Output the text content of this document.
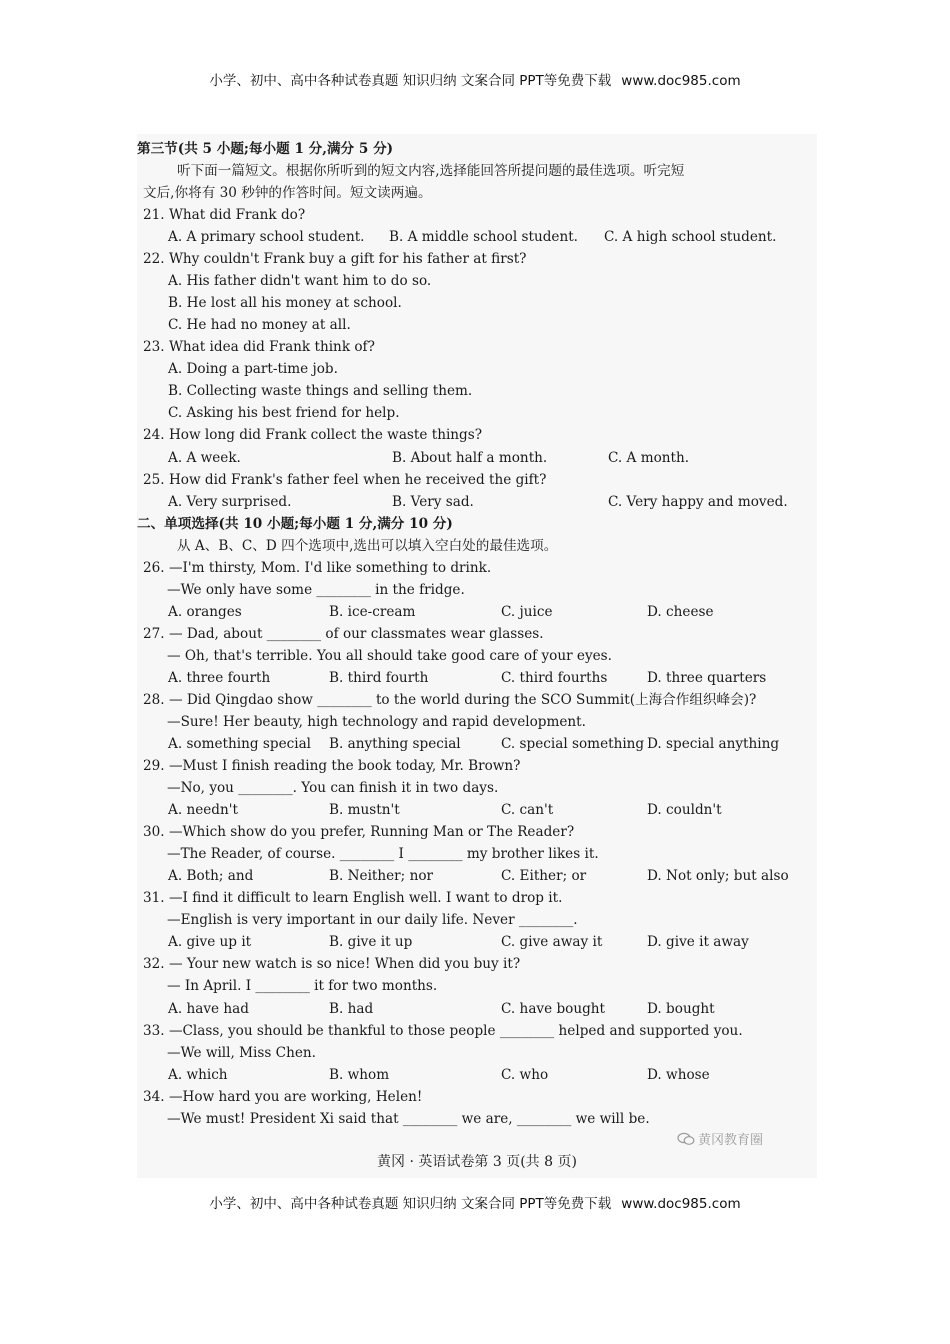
小学、初中、高中各种试卷真题 知识归纳 文案合同 PPT等免费下载 www.doc985.com
第三节(共 5 小题;每小题 1 分,满分 5 分)
听下面一篇短文。根据你所听到的短文内容,选择能回答所提问题的最佳选项。听完短
文后,你将有 30 秒钟的作答时间。短文读两遍。
21. What did Frank do?
A. A primary school student. B. A middle school student. C. A high school student.
22. Why couldn't Frank buy a gift for his father at first?
A. His father didn't want him to do so.
B. He lost all his money at school.
C. He had no money at all.
23. What idea did Frank think of?
A. Doing a part-time job.
B. Collecting waste things and selling them.
C. Asking his best friend for help.
24. How long did Frank collect the waste things?
A. A week.	B. About half a month.	C. A month.
25. How did Frank's father feel when he received the gift?
A. Very surprised.	B. Very sad.	C. Very happy and moved.
二、单项选择(共 10 小题;每小题 1 分,满分 10 分)
从 A、B、C、D 四个选项中,选出可以填入空白处的最佳选项。
26. —I'm thirsty, Mom. I'd like something to drink.
—We only have some ________ in the fridge.
A. oranges	B. ice-cream	C. juice	D. cheese
27. — Dad, about ________ of our classmates wear glasses.
— Oh, that's terrible. You all should take good care of your eyes.
A. three fourth	B. third fourth	C. third fourths	D. three quarters
28. — Did Qingdao show ________ to the world during the SCO Summit(上海合作组织峰会)?
—Sure! Her beauty, high technology and rapid development.
A. something special B. anything special	C. special something D. special anything
29. —Must I finish reading the book today, Mr. Brown?
—No, you ________. You can finish it in two days.
A. needn't	B. mustn't	C. can't	D. couldn't
30. —Which show do you prefer, Running Man or The Reader?
—The Reader, of course. ________ I ________ my brother likes it.
A. Both; and	B. Neither; nor	C. Either; or	D. Not only; but also
31. —I find it difficult to learn English well. I want to drop it.
—English is very important in our daily life. Never ________.
A. give up it	B. give it up	C. give away it	D. give it away
32. — Your new watch is so nice! When did you buy it?
— In April. I ________ it for two months.
A. have had	B. had	C. have bought	D. bought
33. —Class, you should be thankful to those people ________ helped and supported you.
—We will, Miss Chen.
A. which	B. whom	C. who	D. whose
34. —How hard you are working, Helen!
—We must! President Xi said that ________ we are, ________ we will be.
黄冈教育圈
黄冈 · 英语试卷第 3 页(共 8 页)
小学、初中、高中各种试卷真题 知识归纳 文案合同 PPT等免费下载 www.doc985.com
